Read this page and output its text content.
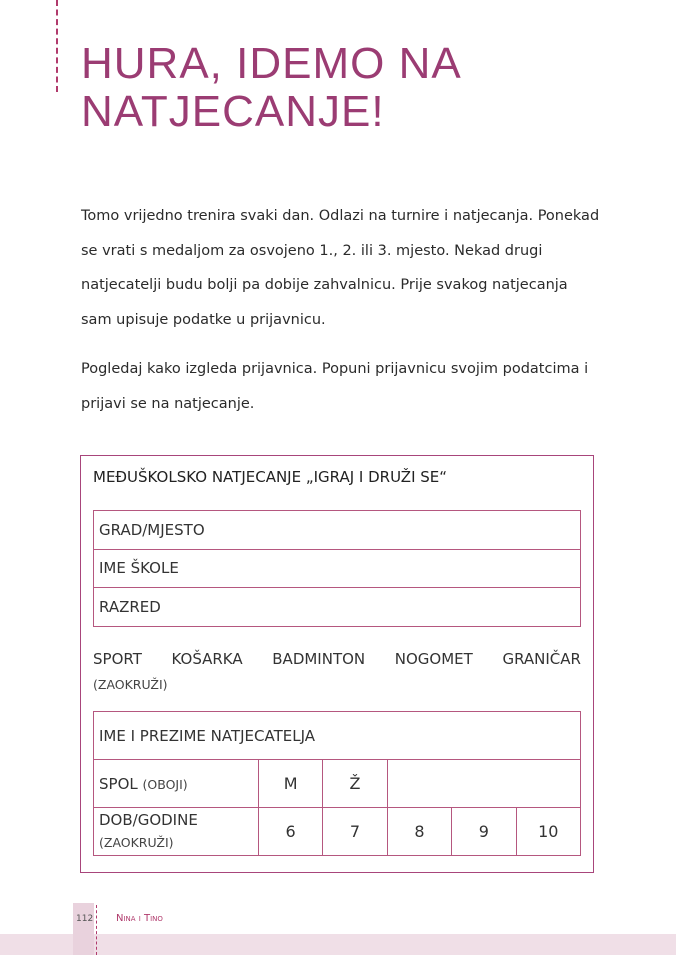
HURA, IDEMO NA
NATJECANJE!

Tomo vrijedno trenira svaki dan. Odlazi na turnire i natjecanja. Ponekad se vrati s medaljom za osvojeno 1., 2. ili 3. mjesto. Nekad drugi natjecatelji budu bolji pa dobije zahvalnicu. Prije svakog natjecanja sam upisuje podatke u prijavnicu.

Pogledaj kako izgleda prijavnica. Popuni prijavnicu svojim podatcima i prijavi se na natjecanje.

MEĐUŠKOLSKO NATJECANJE „IGRAJ I DRUŽI SE“

GRAD/MJESTO
IME ŠKOLE
RAZRED
SPORT KOŠARKA BADMINTON NOGOMET GRANIČAR
(ZAOKRUŽI)
IME I PREZIME NATJECATELJA					
SPOL (OBOJI)	M	Ž			
DOB/GODINE
(ZAOKRUŽI)	6	7	8	9	10
112 Nina i Tino
